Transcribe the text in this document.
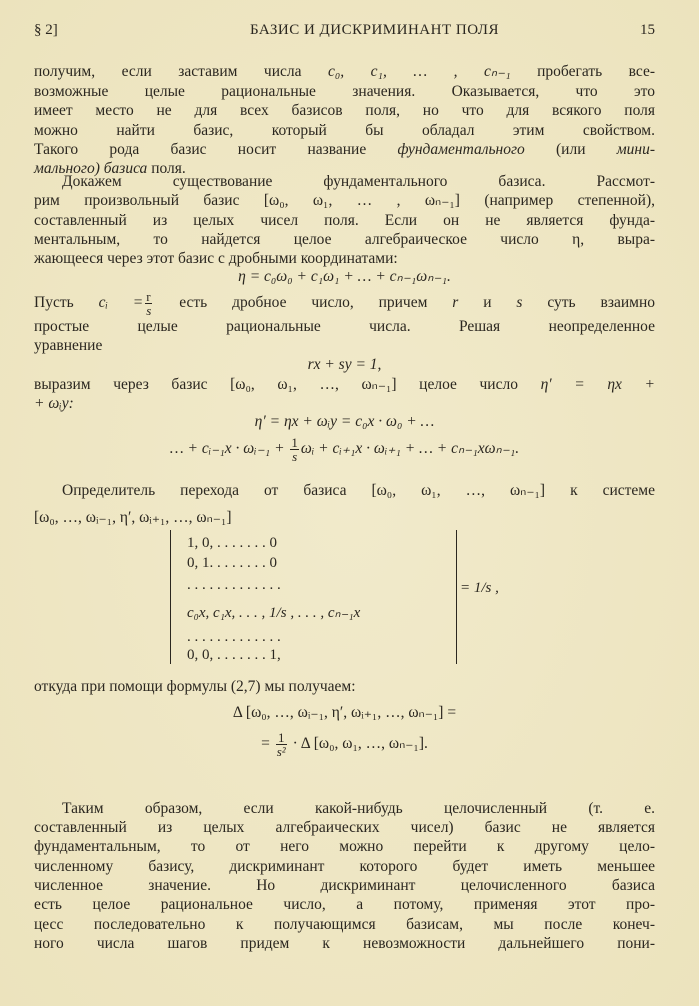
§ 2]	БАЗИС И ДИСКРИМИНАНТ ПОЛЯ	15
получим, если заставим числа c₀, c₁, … , cₙ₋₁ пробегать все-
возможные целые рациональные значения. Оказывается, что это
имеет место не для всех базисов поля, но что для всякого поля
можно найти базис, который бы обладал этим свойством.
Такого рода базис носит название фундаментального (или мини-
мального) базиса поля.
Докажем существование фундаментального базиса. Рассмот-
рим произвольный базис [ω₀, ω₁, … , ωₙ₋₁] (например степенной),
составленный из целых чисел поля. Если он не является фунда-
ментальным, то найдется целое алгебраическое число η, выра-
жающееся через этот базис с дробными координатами:
η = c₀ω₀ + c₁ω₁ + … + cₙ₋₁ωₙ₋₁.
Пусть cᵢ = $\frac{r}{s}$ есть дробное число, причем r и s суть взаимно
простые целые рациональные числа. Решая неопределенное
уравнение
rx + sy = 1,
выразим через базис [ω₀, ω₁, …, ωₙ₋₁] целое число η′ = ηx +
+ ωᵢy:
η′ = ηx + ωᵢy = c₀x · ω₀ + …
… + cᵢ₋₁x · ωᵢ₋₁ + $\frac{1}{s}$ ωᵢ + cᵢ₊₁x · ωᵢ₊₁ + … + cₙ₋₁xωₙ₋₁.
Определитель перехода от базиса [ω₀, ω₁, …, ωₙ₋₁] к системе
[ω₀, …, ωᵢ₋₁, η′, ωᵢ₊₁, …, ωₙ₋₁]
откуда при помощи формулы (2,7) мы получаем:
Δ [ω₀, …, ωᵢ₋₁, η′, ωᵢ₊₁, …, ωₙ₋₁] =
= $\frac{1}{\text{s²}} \cdot \Delta$ [ω₀, ω₁, …, ωₙ₋₁].
Таким образом, если какой-нибудь целочисленный (т. е.
составленный из целых алгебраических чисел) базис не является
фундаментальным, то от него можно перейти к другому цело-
численному базису, дискриминант которого будет иметь меньшее
численное значение. Но дискриминант целочисленного базиса
есть целое рациональное число, а потому, применяя этот про-
цесс последовательно к получающимся базисам, мы после конеч-
ного числа шагов придем к невозможности дальнейшего пони-
1, 0, . . . . . . . 0
0, 1. . . . . . . . 0
. . . . . . . . . . . . .
c₀x, c₁x, . . . , 1/s , . . . , cₙ₋₁x
. . . . . . . . . . . . .
0, 0, . . . . . . . 1,
= 1/s ,
